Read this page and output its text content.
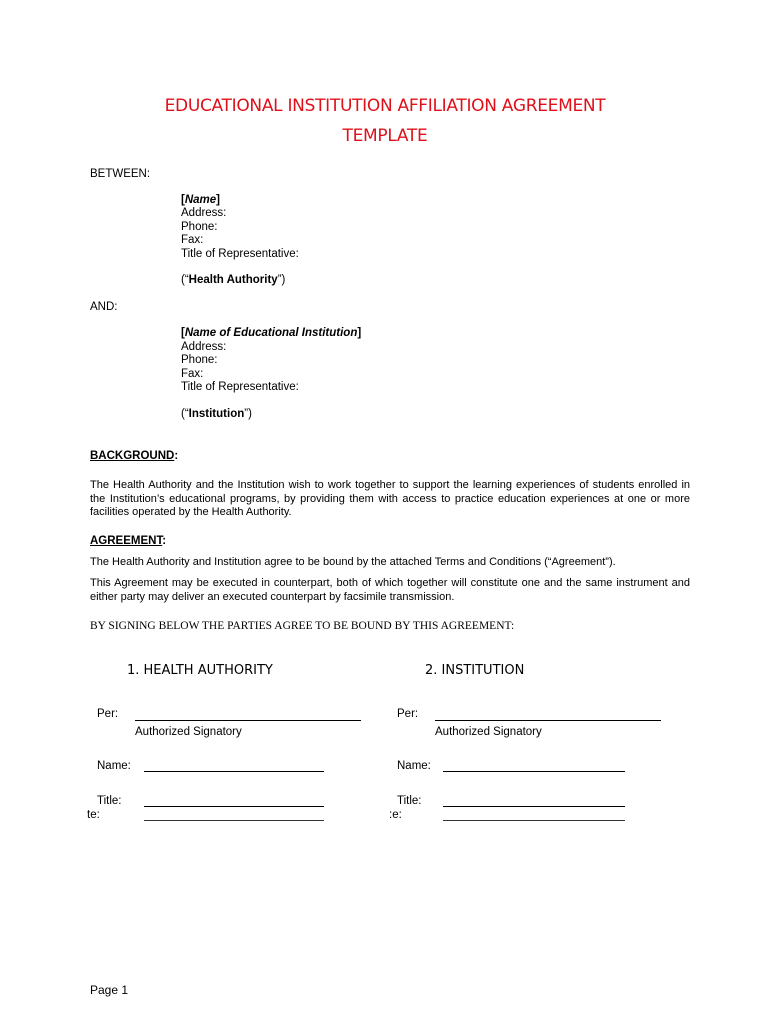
EDUCATIONAL INSTITUTION AFFILIATION AGREEMENT
TEMPLATE
BETWEEN:
[Name]
Address:
Phone:
Fax:
Title of Representative:
(“Health Authority”)
AND:
[Name of Educational Institution]
Address:
Phone:
Fax:
Title of Representative:
(“Institution”)
BACKGROUND:
The Health Authority and the Institution wish to work together to support the learning experiences of students enrolled in the Institution’s educational programs, by providing them with access to practice education experiences at one or more facilities operated by the Health Authority.
AGREEMENT:
The Health Authority and Institution agree to be bound by the attached Terms and Conditions (“Agreement”).
This Agreement may be executed in counterpart, both of which together will constitute one and the same instrument and either party may deliver an executed counterpart by facsimile transmission.
BY SIGNING BELOW THE PARTIES AGREE TO BE BOUND BY THIS AGREEMENT:
1. HEALTH AUTHORITY
Per:
Authorized Signatory
Name:
Title:
te:
2. INSTITUTION
Per:
Authorized Signatory
Name:
Title:
:e:
Page 1
